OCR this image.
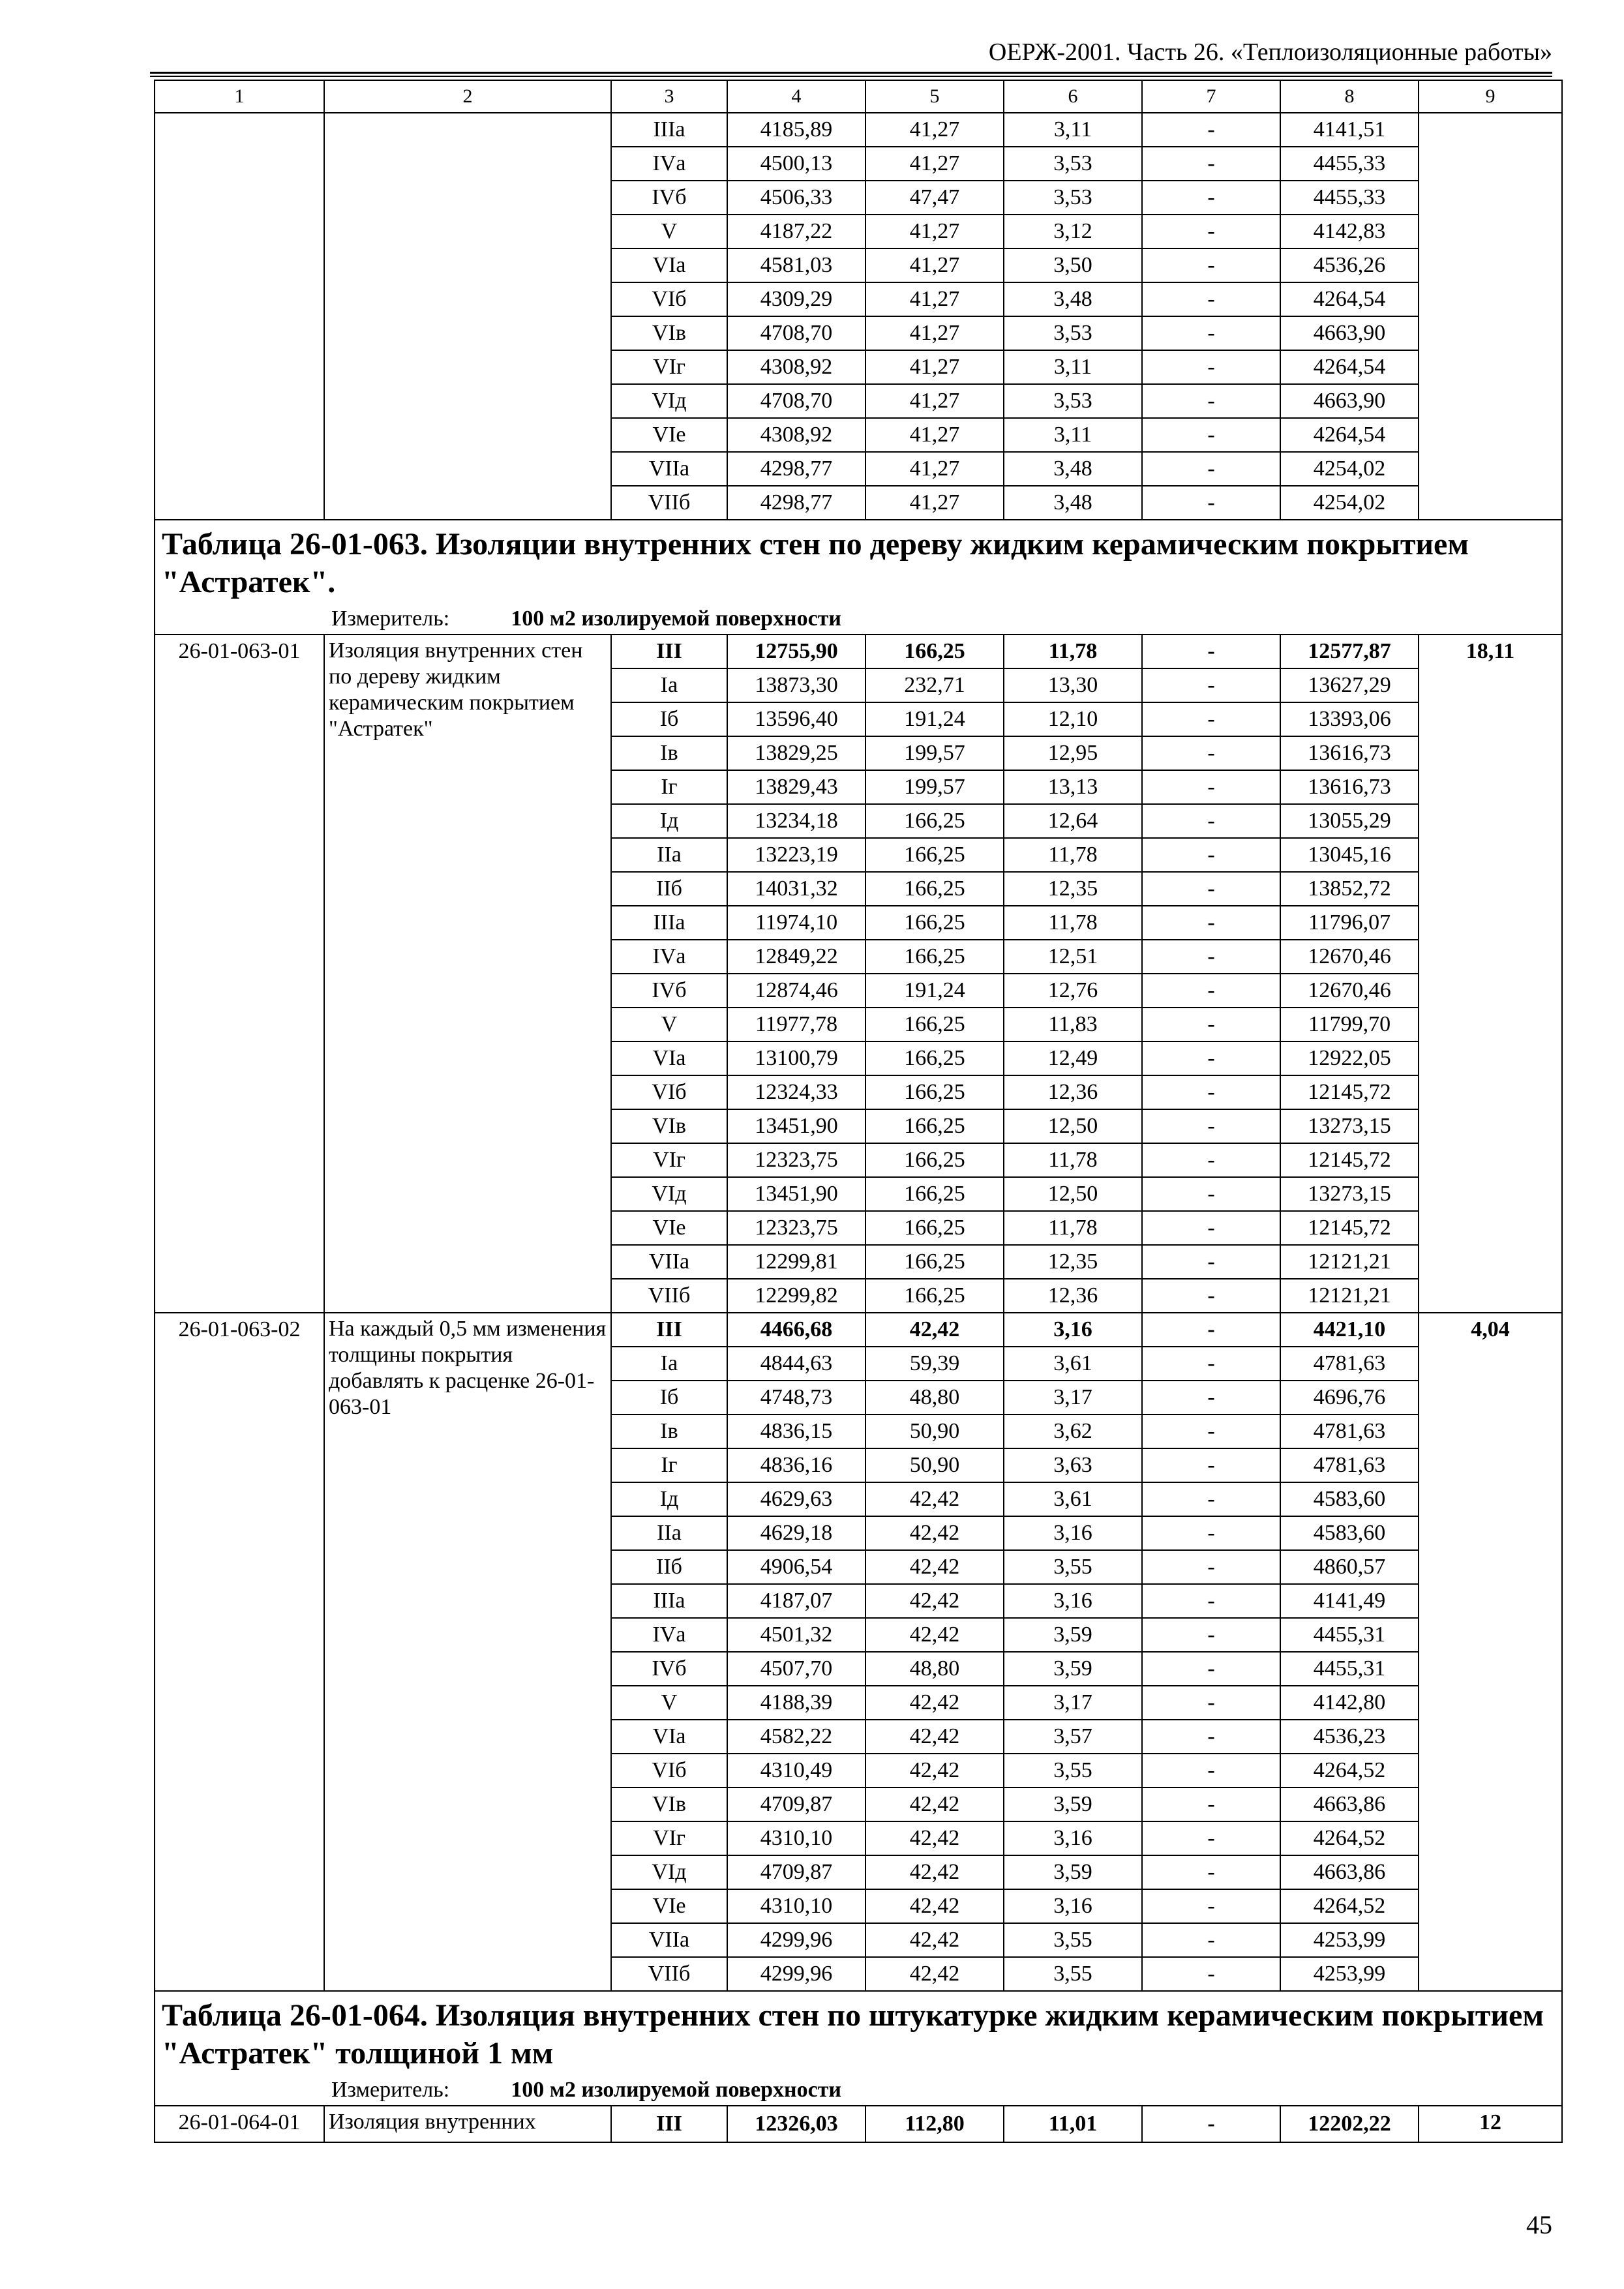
ОЕРЖ-2001. Часть 26. «Теплоизоляционные работы»
1	2	3	4	5	6	7	8	9
		IIIа	4185,89	41,27	3,11	-	4141,51	
		IVа	4500,13	41,27	3,53	-	4455,33	
		IVб	4506,33	47,47	3,53	-	4455,33	
		V	4187,22	41,27	3,12	-	4142,83	
		VIа	4581,03	41,27	3,50	-	4536,26	
		VIб	4309,29	41,27	3,48	-	4264,54	
		VIв	4708,70	41,27	3,53	-	4663,90	
		VIг	4308,92	41,27	3,11	-	4264,54	
		VIд	4708,70	41,27	3,53	-	4663,90	
		VIе	4308,92	41,27	3,11	-	4264,54	
		VIIа	4298,77	41,27	3,48	-	4254,02	
		VIIб	4298,77	41,27	3,48	-	4254,02	
Таблица 26-01-063. Изоляции внутренних стен по дереву жидким керамическим покрытием "Астратек".								
Измеритель: 100 м2 изолируемой поверхности								
26-01-063-01	Изоляция внутренних стен по дереву жидким керамическим покрытием "Астратек"	III	12755,90	166,25	11,78	-	12577,87	18,11
		Iа	13873,30	232,71	13,30	-	13627,29	
		Iб	13596,40	191,24	12,10	-	13393,06	
		Iв	13829,25	199,57	12,95	-	13616,73	
		Iг	13829,43	199,57	13,13	-	13616,73	
		Iд	13234,18	166,25	12,64	-	13055,29	
		IIа	13223,19	166,25	11,78	-	13045,16	
		IIб	14031,32	166,25	12,35	-	13852,72	
		IIIа	11974,10	166,25	11,78	-	11796,07	
		IVа	12849,22	166,25	12,51	-	12670,46	
		IVб	12874,46	191,24	12,76	-	12670,46	
		V	11977,78	166,25	11,83	-	11799,70	
		VIа	13100,79	166,25	12,49	-	12922,05	
		VIб	12324,33	166,25	12,36	-	12145,72	
		VIв	13451,90	166,25	12,50	-	13273,15	
		VIг	12323,75	166,25	11,78	-	12145,72	
		VIд	13451,90	166,25	12,50	-	13273,15	
		VIе	12323,75	166,25	11,78	-	12145,72	
		VIIа	12299,81	166,25	12,35	-	12121,21	
		VIIб	12299,82	166,25	12,36	-	12121,21	
26-01-063-02	На каждый 0,5 мм изменения толщины покрытия добавлять к расценке 26-01-063-01	III	4466,68	42,42	3,16	-	4421,10	4,04
		Iа	4844,63	59,39	3,61	-	4781,63	
		Iб	4748,73	48,80	3,17	-	4696,76	
		Iв	4836,15	50,90	3,62	-	4781,63	
		Iг	4836,16	50,90	3,63	-	4781,63	
		Iд	4629,63	42,42	3,61	-	4583,60	
		IIа	4629,18	42,42	3,16	-	4583,60	
		IIб	4906,54	42,42	3,55	-	4860,57	
		IIIа	4187,07	42,42	3,16	-	4141,49	
		IVа	4501,32	42,42	3,59	-	4455,31	
		IVб	4507,70	48,80	3,59	-	4455,31	
		V	4188,39	42,42	3,17	-	4142,80	
		VIа	4582,22	42,42	3,57	-	4536,23	
		VIб	4310,49	42,42	3,55	-	4264,52	
		VIв	4709,87	42,42	3,59	-	4663,86	
		VIг	4310,10	42,42	3,16	-	4264,52	
		VIд	4709,87	42,42	3,59	-	4663,86	
		VIе	4310,10	42,42	3,16	-	4264,52	
		VIIа	4299,96	42,42	3,55	-	4253,99	
		VIIб	4299,96	42,42	3,55	-	4253,99	
Таблица 26-01-064. Изоляция внутренних стен по штукатурке жидким керамическим покрытием "Астратек" толщиной 1 мм								
Измеритель: 100 м2 изолируемой поверхности								
26-01-064-01	Изоляция внутренних	III	12326,03	112,80	11,01	-	12202,22	12
45
